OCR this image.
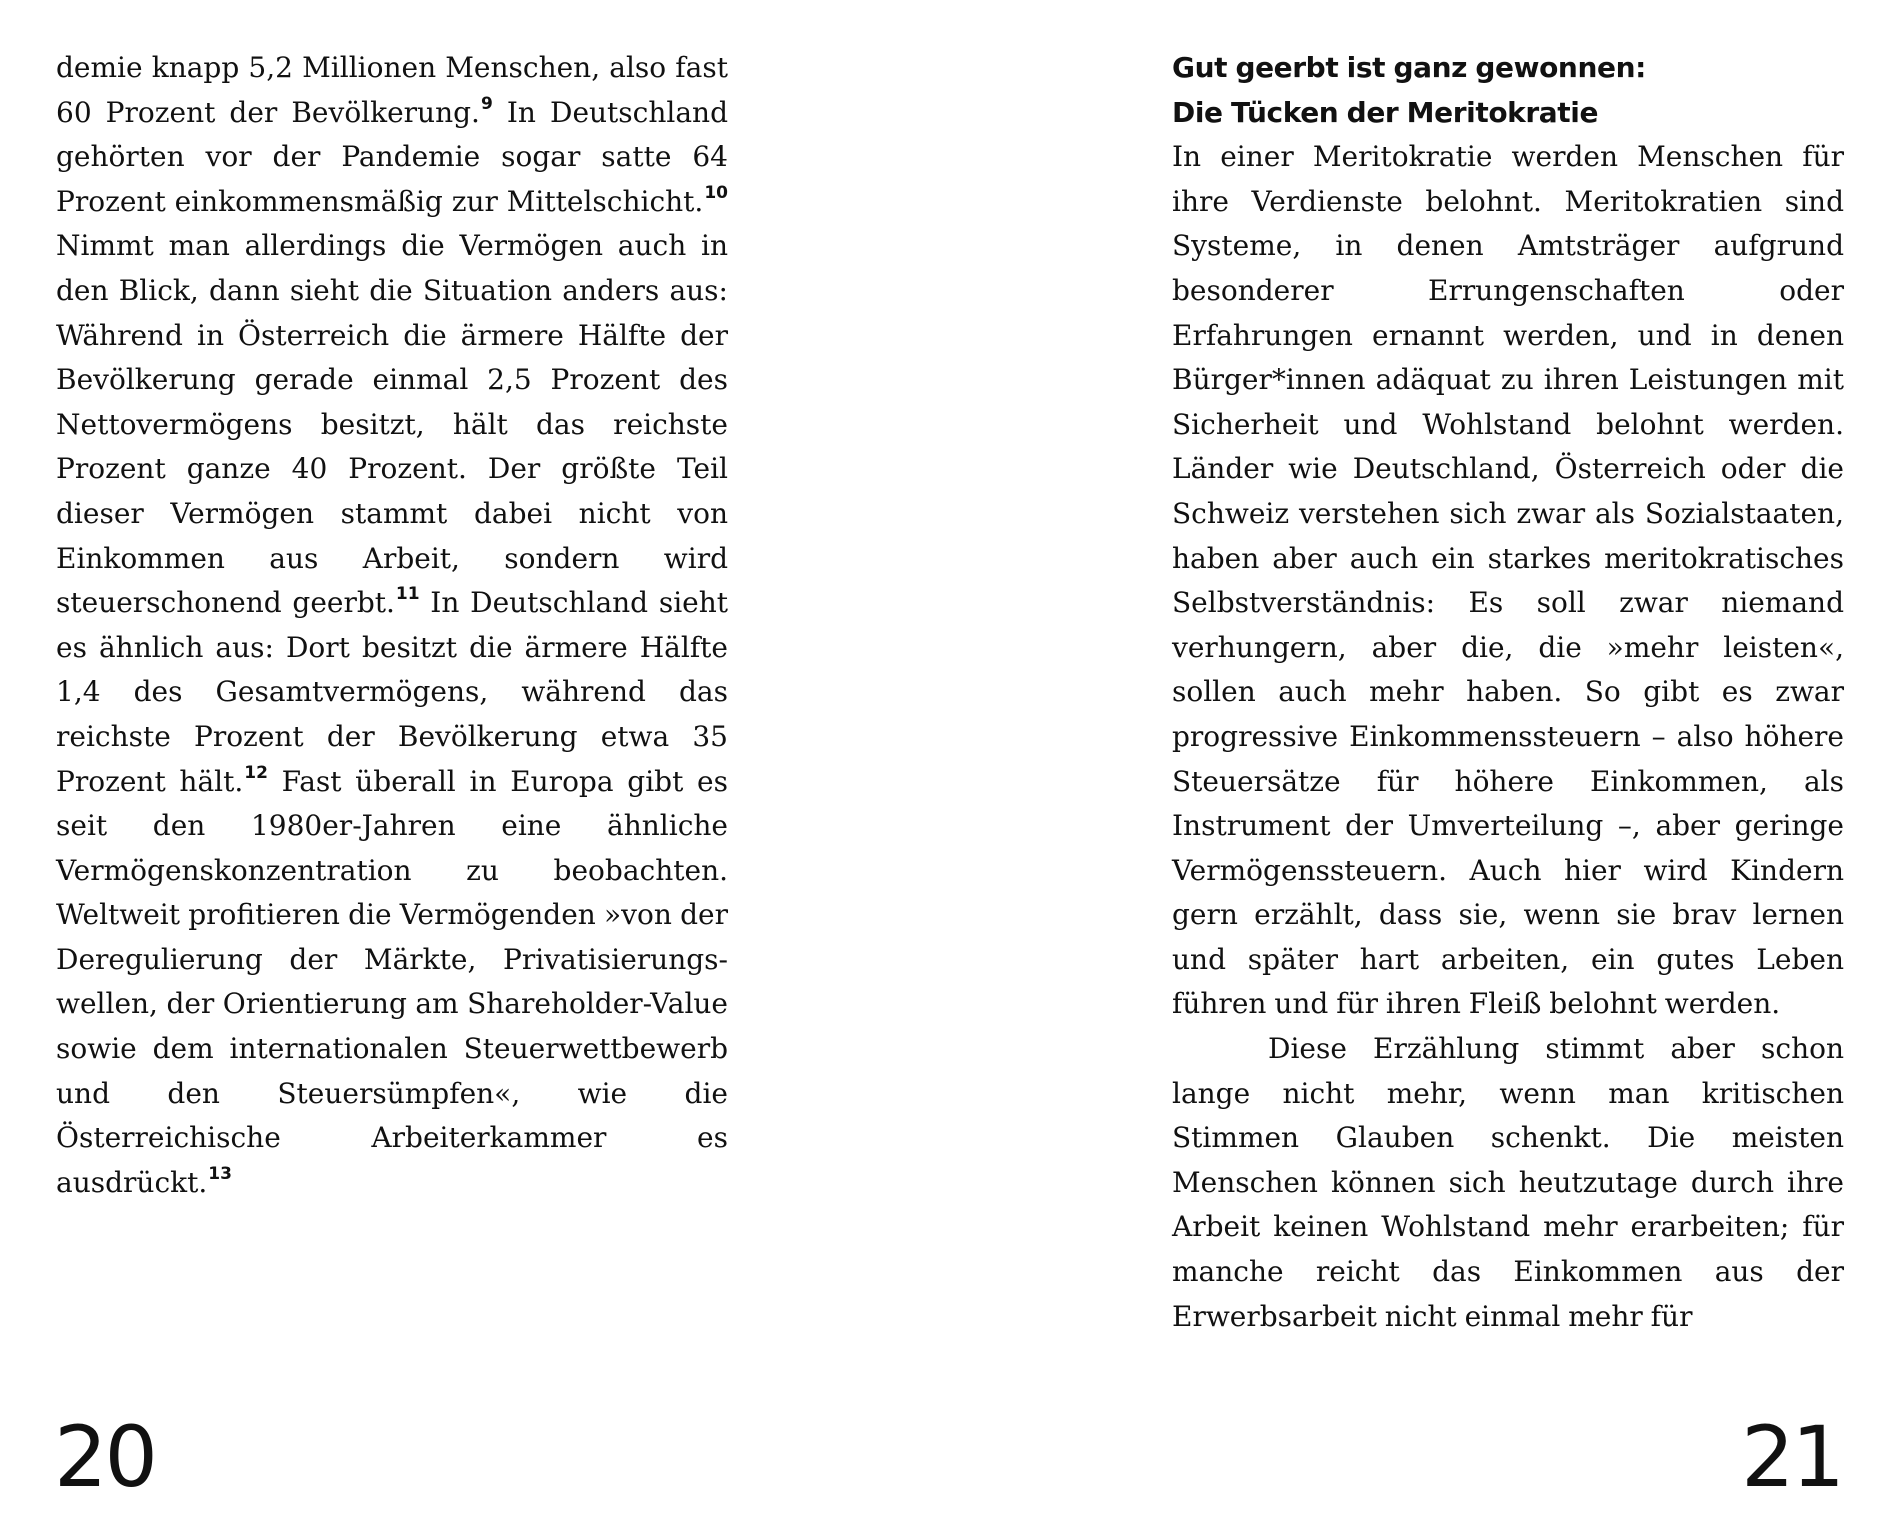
demie knapp 5,2 Millionen Menschen, also fast 60 Prozent der Bevölkerung.$^9$ In Deutschland gehörten vor der Pandemie sogar satte 64 Prozent einkommensmäßig zur Mittelschicht.$^{10}$ Nimmt man allerdings die Vermögen auch in den Blick, dann sieht die Situation anders aus: Während in Österreich die ärmere Hälfte der Bevölkerung gerade einmal 2,5 Prozent des Nettovermögens besitzt, hält das reichste Prozent ganze 40 Prozent. Der größte Teil dieser Vermögen stammt dabei nicht von Einkommen aus Arbeit, sondern wird steuerschonend geerbt.$^{11}$ In Deutschland sieht es ähnlich aus: Dort besitzt die ärmere Hälfte 1,4 des Gesamtvermögens, während das reichste Prozent der Bevölkerung etwa 35 Prozent hält.$^{12}$ Fast überall in Europa gibt es seit den 1980er-Jahren eine ähnliche Vermögenskonzentration zu beobachten. Weltweit profitieren die Vermögenden »von der Deregulierung der Märkte, Privatisierungswellen, der Orientierung am Shareholder-Value sowie dem internationalen Steuerwettbewerb und den Steuersümpfen«, wie die Österreichische Arbeiterkammer es ausdrückt.$^{13}$

20
Gut geerbt ist ganz gewonnen:
Die Tücken der Meritokratie

In einer Meritokratie werden Menschen für ihre Verdienste belohnt. Meritokratien sind Systeme, in denen Amtsträger aufgrund besonderer Errungenschaften oder Erfahrungen ernannt werden, und in denen Bürger*innen adäquat zu ihren Leistungen mit Sicherheit und Wohlstand belohnt werden. Länder wie Deutschland, Österreich oder die Schweiz verstehen sich zwar als Sozialstaaten, haben aber auch ein starkes meritokratisches Selbstverständnis: Es soll zwar niemand verhungern, aber die, die »mehr leisten«, sollen auch mehr haben. So gibt es zwar progressive Einkommenssteuern – also höhere Steuersätze für höhere Einkommen, als Instrument der Umverteilung –, aber geringe Vermögenssteuern. Auch hier wird Kindern gern erzählt, dass sie, wenn sie brav lernen und später hart arbeiten, ein gutes Leben führen und für ihren Fleiß belohnt werden.

Diese Erzählung stimmt aber schon lange nicht mehr, wenn man kritischen Stimmen Glauben schenkt. Die meisten Menschen können sich heutzutage durch ihre Arbeit keinen Wohlstand mehr erarbeiten; für manche reicht das Einkommen aus der Erwerbsarbeit nicht einmal mehr für

21
